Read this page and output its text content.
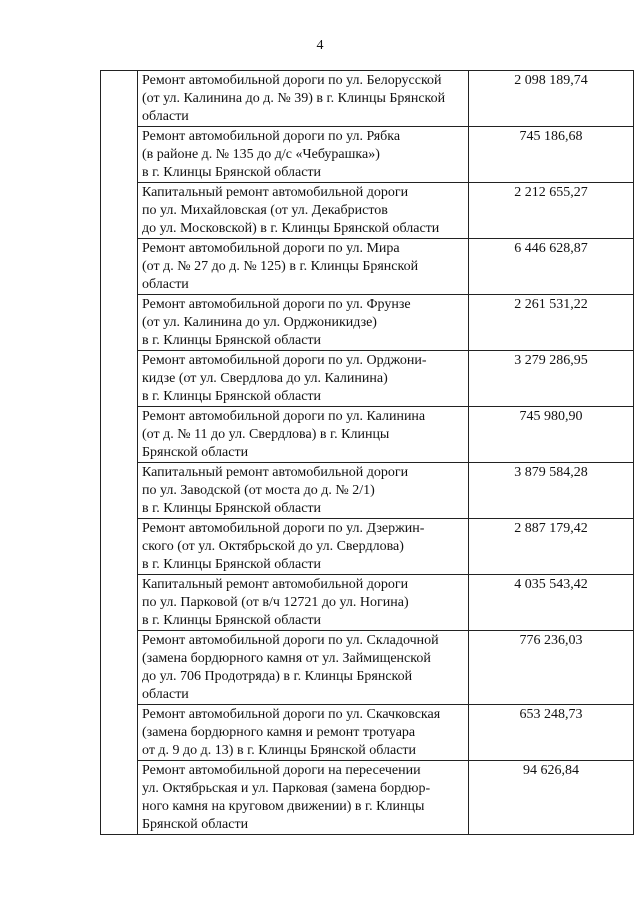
4

	Ремонт автомобильной дороги по ул. Белорусской
(от ул. Калинина до д. № 39) в г. Клинцы Брянской
области	2 098 189,74

	Ремонт автомобильной дороги по ул. Рябка
(в районе д. № 135 до д/с «Чебурашка»)
в г. Клинцы Брянской области	745 186,68

	Капитальный ремонт автомобильной дороги
по ул. Михайловская (от ул. Декабристов
до ул. Московской) в г. Клинцы Брянской области	2 212 655,27

	Ремонт автомобильной дороги по ул. Мира
(от д. № 27 до д. № 125) в г. Клинцы Брянской
области	6 446 628,87

	Ремонт автомобильной дороги по ул. Фрунзе
(от ул. Калинина до ул. Орджоникидзе)
в г. Клинцы Брянской области	2 261 531,22

	Ремонт автомобильной дороги по ул. Орджони-
кидзе (от ул. Свердлова до ул. Калинина)
в г. Клинцы Брянской области	3 279 286,95

	Ремонт автомобильной дороги по ул. Калинина
(от д. № 11 до ул. Свердлова) в г. Клинцы
Брянской области	745 980,90

	Капитальный ремонт автомобильной дороги
по ул. Заводской (от моста до д. № 2/1)
в г. Клинцы Брянской области	3 879 584,28

	Ремонт автомобильной дороги по ул. Дзержин-
ского (от ул. Октябрьской до ул. Свердлова)
в г. Клинцы Брянской области	2 887 179,42

	Капитальный ремонт автомобильной дороги
по ул. Парковой (от в/ч 12721 до ул. Ногина)
в г. Клинцы Брянской области	4 035 543,42

	Ремонт автомобильной дороги по ул. Складочной
(замена бордюрного камня от ул. Займищенской
до ул. 706 Продотряда) в г. Клинцы Брянской
области	776 236,03

	Ремонт автомобильной дороги по ул. Скачковская
(замена бордюрного камня и ремонт тротуара
от д. 9 до д. 13) в г. Клинцы Брянской области	653 248,73

	Ремонт автомобильной дороги на пересечении
ул. Октябрьская и ул. Парковая (замена бордюр-
ного камня на круговом движении) в г. Клинцы
Брянской области	94 626,84
